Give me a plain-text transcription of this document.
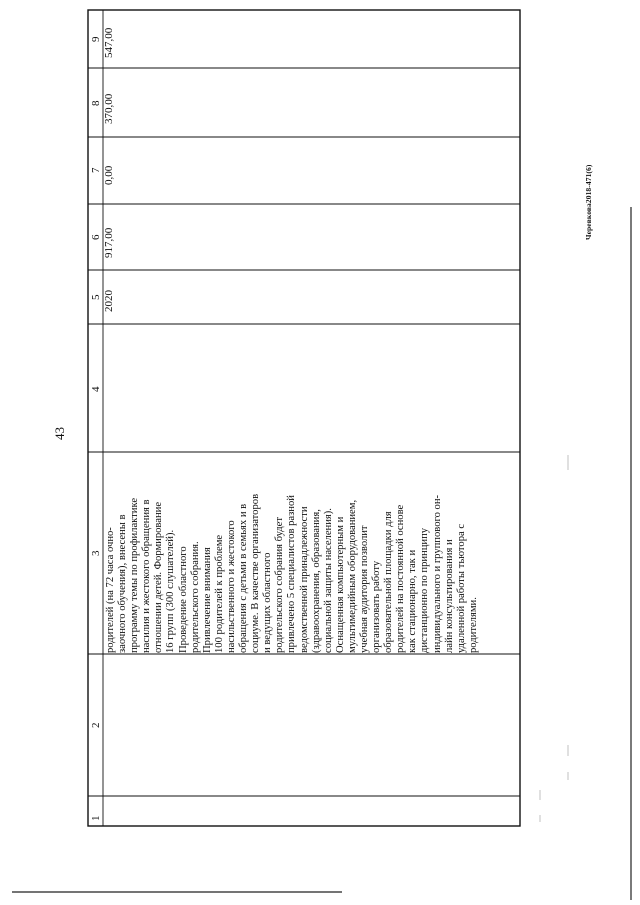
43
Черевкова2018-471(6)
1
2
3
4
5
6
7
8
9
2020
917,00
0,00
370,00
547,00
родителей (на 72 часа очно- заочного обучения), внесены в программу темы по профилактике насилия и жестокого обращения в отношении детей. Формирование 16 групп (300 слушателей). Проведение областного родительского собрания. Привлечение внимания 100 родителей к проблеме насильственного и жестокого обращения с детьми в семьях и в социуме. В качестве организаторов и ведущих областного родительского собрания будет привлечено 5 специалистов разной ведомственной принадлежности (здравоохранения, образования, социальной защиты населения). Оснащенная компьютерным и мультимедийным оборудованием, учебная аудитория позволит организовать работу образовательной площадки для родителей на постоянной основе как стационарно, так и дистанционно по принципу индивидуального и группового он- лайн консультирования и удаленной работы тьютора с родителями.
